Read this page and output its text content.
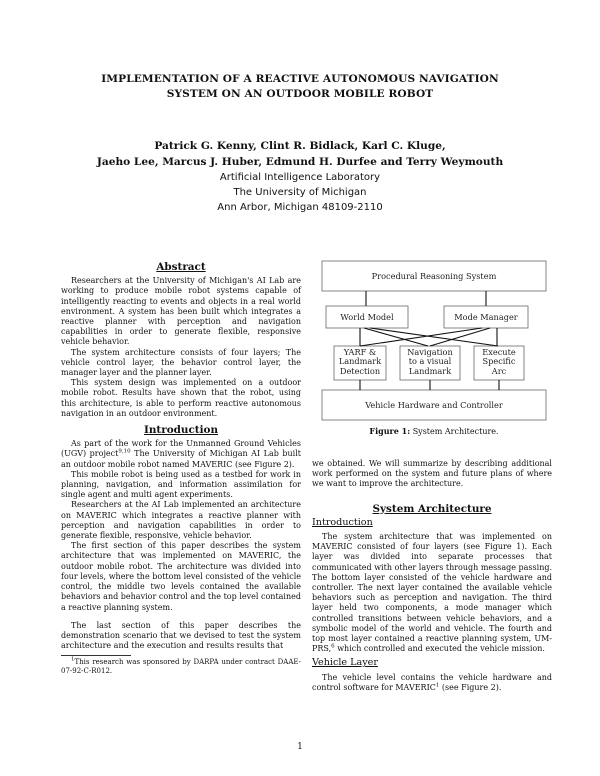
IMPLEMENTATION OF A REACTIVE AUTONOMOUS NAVIGATION
SYSTEM ON AN OUTDOOR MOBILE ROBOT
Patrick G. Kenny, Clint R. Bidlack, Karl C. Kluge,
Jaeho Lee, Marcus J. Huber, Edmund H. Durfee and Terry Weymouth
Artificial Intelligence Laboratory
The University of Michigan
Ann Arbor, Michigan 48109-2110
Abstract

Researchers at the University of Michigan's AI Lab are working to produce mobile robot systems capable of intelligently reacting to events and objects in a real world environment. A system has been built which integrates a reactive planner with perception and navigation capabilities in order to generate flexible, responsive vehicle behavior.

The system architecture consists of four layers; The vehicle control layer, the behavior control layer, the manager layer and the planner layer.

This system design was implemented on a outdoor mobile robot. Results have shown that the robot, using this architecture, is able to perform reactive autonomous navigation in an outdoor environment.

Introduction

As part of the work for the Unmanned Ground Vehicles (UGV) project$^{9,10}$ The University of Michigan AI Lab built an outdoor mobile robot named MAVERIC (see Figure 2).

This mobile robot is being used as a testbed for work in planning, navigation, and information assimilation for single agent and multi agent experiments.

Researchers at the AI Lab implemented an architecture on MAVERIC which integrates a reactive planner with perception and navigation capabilities in order to generate flexible, responsive, vehicle behavior.

The first section of this paper describes the system architecture that was implemented on MAVERIC, the outdoor mobile robot. The architecture was divided into four levels, where the bottom level consisted of the vehicle control, the middle two levels contained the available behaviors and behavior control and the top level contained a reactive planning system.

The last section of this paper describes the demonstration scenario that we devised to test the system architecture and the execution and results results that

$^1$This research was sponsored by DARPA under contract DAAE-07-92-C-R012.
Procedural Reasoning System
World Model	Mode Manager
YARF &
Landmark
Detection
Navigation
to a visual
Landmark
Execute
Specific
Arc
Vehicle Hardware and Controller
Figure 1: System Architecture.

we obtained. We will summarize by describing additional work performed on the system and future plans of where we want to improve the architecture.

System Architecture
Introduction

The system architecture that was implemented on MAVERIC consisted of four layers (see Figure 1). Each layer was divided into separate processes that communicated with other layers through message passing. The bottom layer consisted of the vehicle hardware and controller. The next layer contained the available vehicle behaviors such as perception and navigation. The third layer held two components, a mode manager which controlled transitions between vehicle behaviors, and a symbolic model of the world and vehicle. The fourth and top most layer contained a reactive planning system, UM-PRS,$^6$ which controlled and executed the vehicle mission.

Vehicle Layer

The vehicle level contains the vehicle hardware and control software for MAVERIC$^1$ (see Figure 2).

1
